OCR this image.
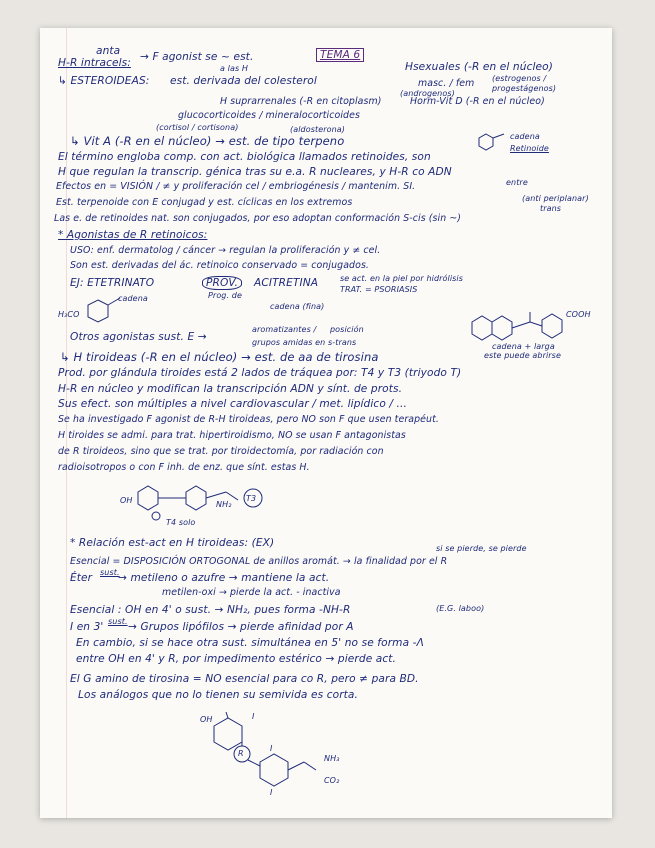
anta
H-R intracels: → F agonist se ~ est.
a las H
TEMA 6
Hsexuales (-R en el núcleo)
↳ ESTEROIDEAS: est. derivada del colesterol	masc. / fem
(androgenos)
(estrogenos / progestágenos)
H suprarrenales (-R en citoplasm)	Horm-Vit D (-R en el núcleo)
glucocorticoides / mineralocorticoides
(cortisol / cortisona)	(aldosterona)
↳ Vit A (-R en el núcleo) → est. de tipo terpeno	cadena
Retinoide
El término engloba comp. con act. biológica llamados retinoides, son
H que regulan la transcrip. génica tras su e.a. R nucleares, y H-R co ADN
entre
Efectos en = VISIÓN / ≠ y proliferación cel / embriogénesis / mantenim. SI.
Est. terpenoide con E conjugad y est. cíclicas en los extremos	(anti periplanar)
trans
Las e. de retinoides nat. son conjugados, por eso adoptan conformación S-cis (sin ~)
* Agonistas de R retinoicos:
USO: enf. dermatolog / cáncer → regulan la proliferación y ≠ cel.
Son est. derivadas del ác. retinoico conservado = conjugados.
EJ: ETETRINATO	PROV.
Prog. de
ACITRETINA	se act. en la piel por hidrólisis
TRAT. = PSORIASIS
cadena
H₃CO
cadena (fina)
Otros agonistas sust. E →
aromatizantes / posición
grupos amidas en s-trans
COOH
cadena + larga
este puede abrirse
↳ H tiroideas (-R en el núcleo) → est. de aa de tirosina
Prod. por glándula tiroides está 2 lados de tráquea por: T4 y T3 (triyodo T)
H-R en núcleo y modifican la transcripción ADN y sínt. de prots.
Sus efect. son múltiples a nivel cardiovascular / met. lipídico / ...
Se ha investigado F agonist de R-H tiroideas, pero NO son F que usen terapéut.
H tiroides se admi. para trat. hipertiroidismo, NO se usan F antagonistas
de R tiroideos, sino que se trat. por tiroidectomía, por radiación con
radioisotropos o con F inh. de enz. que sínt. estas H.
OH	NH₂
T4 solo
T3
* Relación est-act en H tiroideas: (EX)	si se pierde, se pierde
Esencial = DISPOSICIÓN ORTOGONAL de anillos aromát. → la finalidad por el R
Éter sust.
→ metileno o azufre → mantiene la act.
metilen-oxi → pierde la act. - inactiva
Esencial : OH en 4' o sust. → NH₂, pues forma -NH-R	(E.G. laboo)
I en 3' sust. → Grupos lipófilos → pierde afinidad por A
En cambio, si se hace otra sust. simultánea en 5' no se forma -Λ
entre OH en 4' y R, por impedimento estérico → pierde act.
El G amino de tirosina = NO esencial para co R, pero ≠ para BD.
Los análogos que no lo tienen su semivida es corta.
OH	I
R
I
I
NH₃
CO₂
